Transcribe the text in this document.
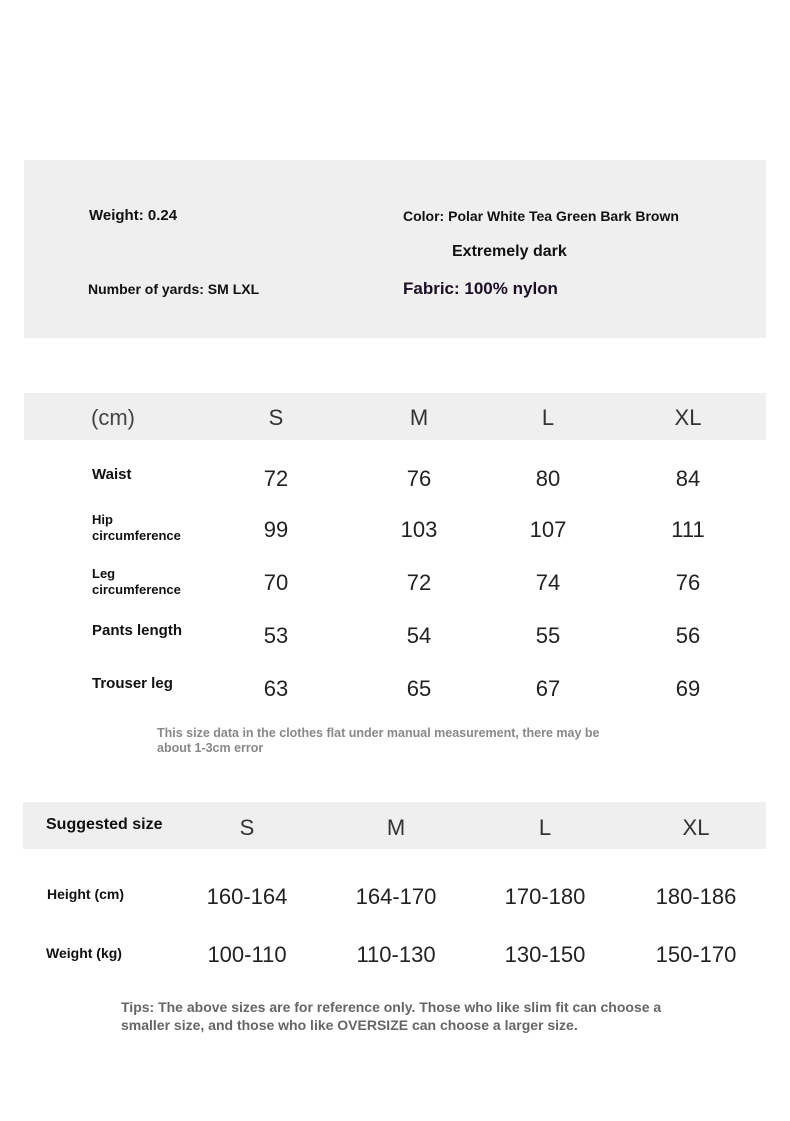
Weight: 0.24
Number of yards: SM LXL
Color: Polar White Tea Green Bark Brown
Extremely dark
Fabric: 100% nylon
(cm)	S	M	L	XL
Waist	72	76	80	84
Hip
circumference	99	103	107	111
Leg
circumference	70	72	74	76
Pants length	53	54	55	56
Trouser leg	63	65	67	69
This size data in the clothes flat under manual measurement, there may be
about 1-3cm error
Suggested size	S	M	L	XL
Height (cm)	160-164	164-170	170-180	180-186
Weight (kg)	100-110	110-130	130-150	150-170
Tips: The above sizes are for reference only. Those who like slim fit can choose a
smaller size, and those who like OVERSIZE can choose a larger size.
